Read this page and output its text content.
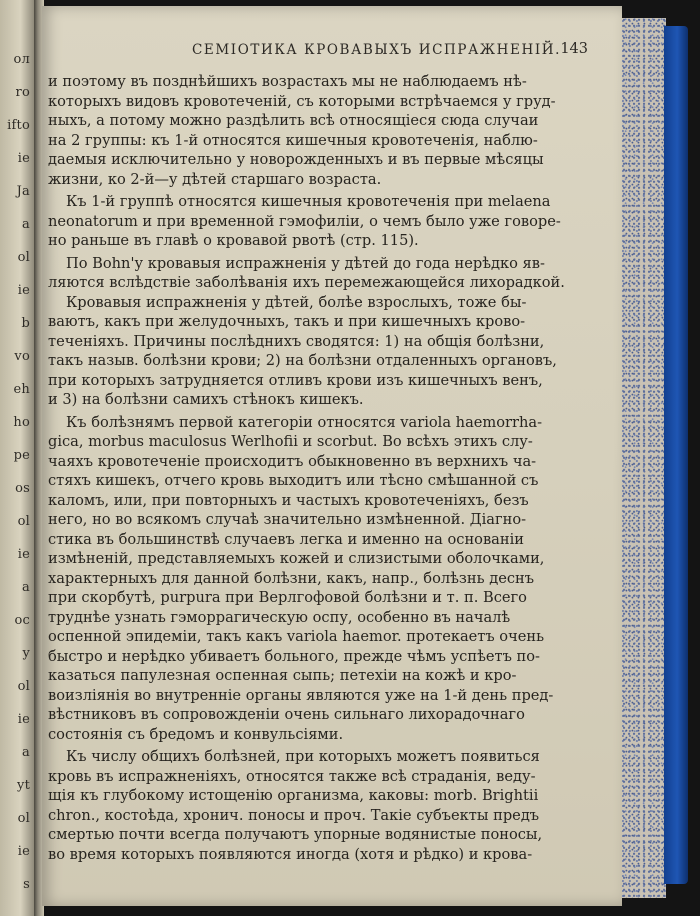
ол
ro
ifto
ie
Ja
a
ol
ie
b
vo
eh
ho
pe
os
ol
ie
a
oc
y
ol
ie
a
yt
ol
ie
s
СЕМІОТИКА КРОВАВЫХЪ ИСПРАЖНЕНІЙ. 143
и поэтому въ позднѣйшихъ возрастахъ мы не наблюдаемъ нѣ-
которыхъ видовъ кровотеченій, съ которыми встрѣчаемся у груд-
ныхъ, а потому можно раздѣлить всѣ относящіеся сюда случаи
на 2 группы: къ 1-й относятся кишечныя кровотеченія, наблю-
даемыя исключительно у новорожденныхъ и въ первые мѣсяцы
жизни, ко 2-й—у дѣтей старшаго возраста.
Къ 1-й группѣ относятся кишечныя кровотеченія при melaena
neonatorum и при временной гэмофиліи, о чемъ было уже говоре-
но раньше въ главѣ о кровавой рвотѣ (стр. 115).
По Bohn'у кровавыя испражненія у дѣтей до года нерѣдко яв-
ляются вслѣдствіе заболѣванія ихъ перемежающейся лихорадкой.
Кровавыя испражненія у дѣтей, болѣе взрослыхъ, тоже бы-
ваютъ, какъ при желудочныхъ, такъ и при кишечныхъ крово-
теченіяхъ. Причины послѣднихъ сводятся: 1) на общія болѣзни,
такъ назыв. болѣзни крови; 2) на болѣзни отдаленныхъ органовъ,
при которыхъ затрудняется отливъ крови изъ кишечныхъ венъ,
и 3) на болѣзни самихъ стѣнокъ кишекъ.
Къ болѣзнямъ первой категоріи относятся variola haemorrha-
gica, morbus maculosus Werlhofii и scorbut. Во всѣхъ этихъ слу-
чаяхъ кровотеченіе происходитъ обыкновенно въ верхнихъ ча-
стяхъ кишекъ, отчего кровь выходитъ или тѣсно смѣшанной съ
каломъ, или, при повторныхъ и частыхъ кровотеченіяхъ, безъ
него, но во всякомъ случаѣ значительно измѣненной. Діагно-
стика въ большинствѣ случаевъ легка и именно на основаніи
измѣненій, представляемыхъ кожей и слизистыми оболочками,
характерныхъ для данной болѣзни, какъ, напр., болѣзнь деснъ
при скорбутѣ, purpura при Верлгофовой болѣзни и т. п. Всего
труднѣе узнать гэморрагическую оспу, особенно въ началѣ
оспенной эпидеміи, такъ какъ variola haemor. протекаетъ очень
быстро и нерѣдко убиваетъ больного, прежде чѣмъ успѣетъ по-
казаться папулезная оспенная сыпь; петехіи на кожѣ и кро-
воизліянія во внутренніе органы являются уже на 1-й день пред-
вѣстниковъ въ сопровожденіи очень сильнаго лихорадочнаго
состоянія съ бредомъ и конвульсіями.
Къ числу общихъ болѣзней, при которыхъ можетъ появиться
кровь въ испражненіяхъ, относятся также всѣ страданія, веду-
щія къ глубокому истощенію организма, каковы: morb. Brightii
chron., костоѣда, хронич. поносы и проч. Такіе субъекты предъ
смертью почти всегда получаютъ упорные водянистые поносы,
во время которыхъ появляются иногда (хотя и рѣдко) и крова-
